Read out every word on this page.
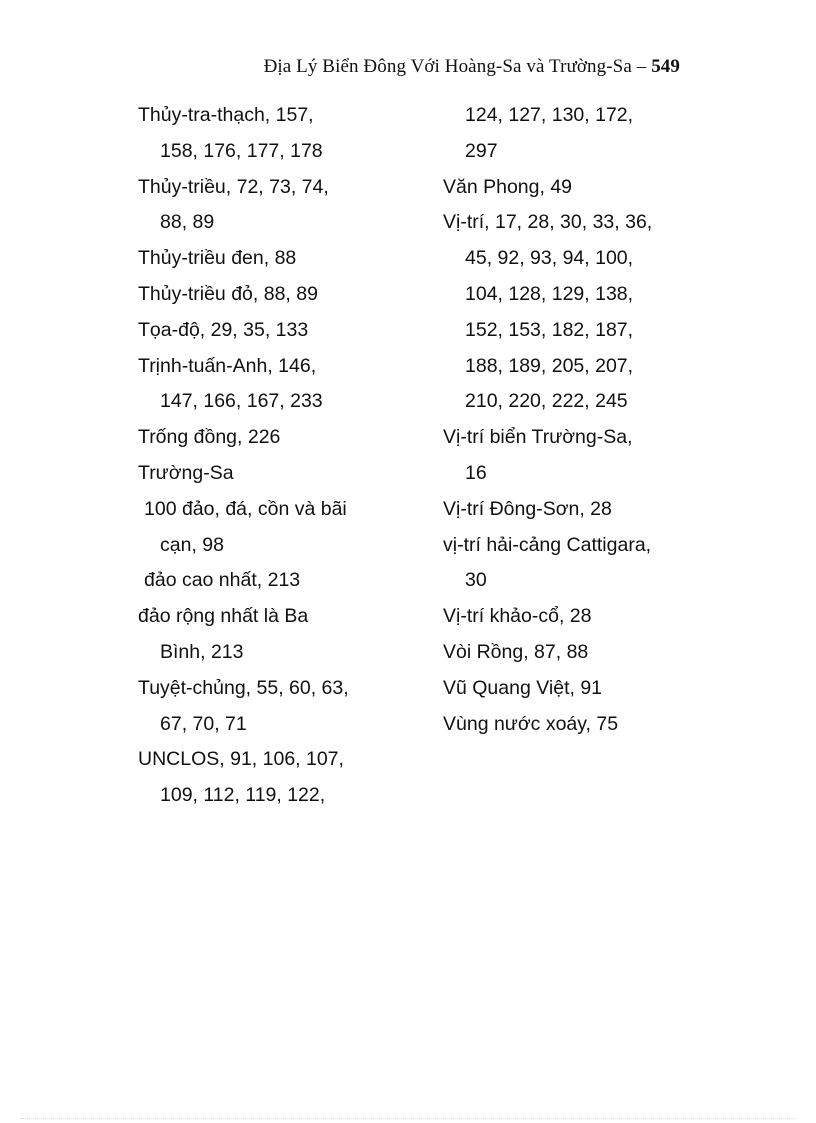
Địa Lý Biển Đông Với Hoàng-Sa và Trường-Sa – 549
Thủy-tra-thạch, 157,
158, 176, 177, 178
Thủy-triều, 72, 73, 74,
88, 89
Thủy-triều đen, 88
Thủy-triều đỏ, 88, 89
Tọa-độ, 29, 35, 133
Trịnh-tuấn-Anh, 146,
147, 166, 167, 233
Trống đồng, 226
Trường-Sa
100 đảo, đá, cồn và bãi
cạn, 98
đảo cao nhất, 213
đảo rộng nhất là Ba
Bình, 213
Tuyệt-chủng, 55, 60, 63,
67, 70, 71
UNCLOS, 91, 106, 107,
109, 112, 119, 122,
124, 127, 130, 172,
297
Văn Phong, 49
Vị-trí, 17, 28, 30, 33, 36,
45, 92, 93, 94, 100,
104, 128, 129, 138,
152, 153, 182, 187,
188, 189, 205, 207,
210, 220, 222, 245
Vị-trí biển Trường-Sa,
16
Vị-trí Đông-Sơn, 28
vị-trí hải-cảng Cattigara,
30
Vị-trí khảo-cổ, 28
Vòi Rồng, 87, 88
Vũ Quang Việt, 91
Vùng nước xoáy, 75
